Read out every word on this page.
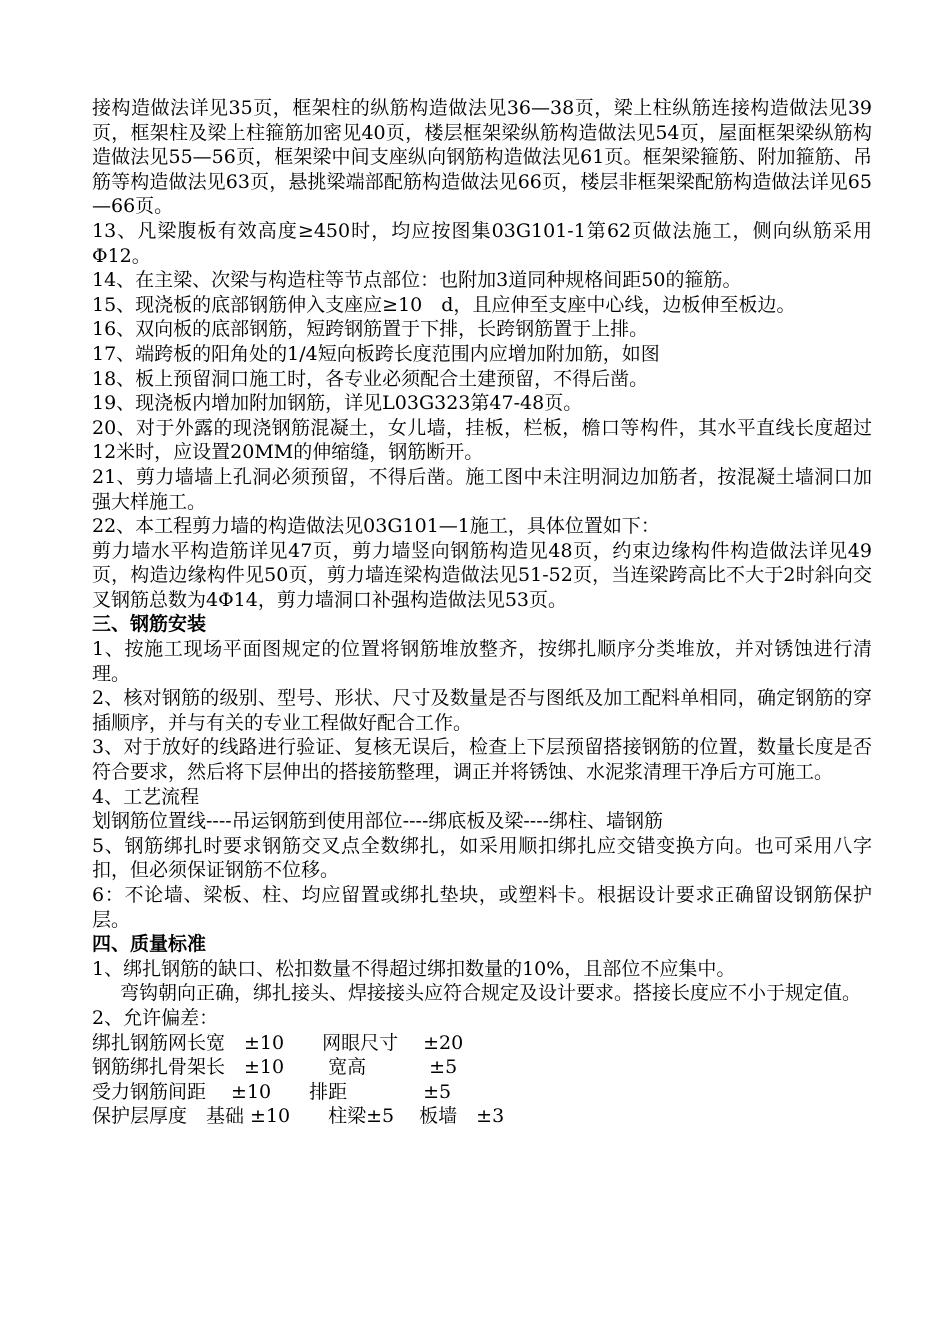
接构造做法详见35页，框架柱的纵筋构造做法见36—38页，梁上柱纵筋连接构造做法见39页，框架柱及梁上柱箍筋加密见40页，楼层框架梁纵筋构造做法见54页，屋面框架梁纵筋构造做法见55—56页，框架梁中间支座纵向钢筋构造做法见61页。框架梁箍筋、附加箍筋、吊筋等构造做法见63页，悬挑梁端部配筋构造做法见66页，楼层非框架梁配筋构造做法详见65—66页。

13、凡梁腹板有效高度≥450时，均应按图集03G101-1第62页做法施工，侧向纵筋采用Φ12。

14、在主梁、次梁与构造柱等节点部位：也附加3道同种规格间距50的箍筋。

15、现浇板的底部钢筋伸入支座应≥10　d，且应伸至支座中心线，边板伸至板边。

16、双向板的底部钢筋，短跨钢筋置于下排，长跨钢筋置于上排。

17、端跨板的阳角处的1/4短向板跨长度范围内应增加附加筋，如图

18、板上预留洞口施工时，各专业必须配合土建预留，不得后凿。

19、现浇板内增加附加钢筋，详见L03G323第47-48页。

20、对于外露的现浇钢筋混凝土，女儿墙，挂板，栏板，檐口等构件，其水平直线长度超过12米时，应设置20MM的伸缩缝，钢筋断开。

21、剪力墙墙上孔洞必须预留，不得后凿。施工图中未注明洞边加筋者，按混凝土墙洞口加强大样施工。

22、本工程剪力墙的构造做法见03G101—1施工，具体位置如下：

剪力墙水平构造筋详见47页，剪力墙竖向钢筋构造见48页，约束边缘构件构造做法详见49页，构造边缘构件见50页，剪力墙连梁构造做法见51-52页，当连梁跨高比不大于2时斜向交叉钢筋总数为4Φ14，剪力墙洞口补强构造做法见53页。

三、钢筋安装

1、按施工现场平面图规定的位置将钢筋堆放整齐，按绑扎顺序分类堆放，并对锈蚀进行清理。

2、核对钢筋的级别、型号、形状、尺寸及数量是否与图纸及加工配料单相同，确定钢筋的穿插顺序，并与有关的专业工程做好配合工作。

3、对于放好的线路进行验证、复核无误后，检查上下层预留搭接钢筋的位置，数量长度是否符合要求，然后将下层伸出的搭接筋整理，调正并将锈蚀、水泥浆清理干净后方可施工。

4、工艺流程

划钢筋位置线----吊运钢筋到使用部位----绑底板及梁----绑柱、墙钢筋

5、钢筋绑扎时要求钢筋交叉点全数绑扎，如采用顺扣绑扎应交错变换方向。也可采用八字扣，但必须保证钢筋不位移。

6：不论墙、梁板、柱、均应留置或绑扎垫块，或塑料卡。根据设计要求正确留设钢筋保护层。

四、质量标准

1、绑扎钢筋的缺口、松扣数量不得超过绑扣数量的10%，且部位不应集中。

弯钩朝向正确，绑扎接头、焊接接头应符合规定及设计要求。搭接长度应不小于规定值。

2、允许偏差：

绑扎钢筋网长宽　±10　　网眼尺寸　 ±20

钢筋绑扎骨架长　±10　　 宽高　　　 ±5

受力钢筋间距　 ±10　　排距　　　　±5

保护层厚度　基础 ±10　　柱梁±5　 板墙　±3
